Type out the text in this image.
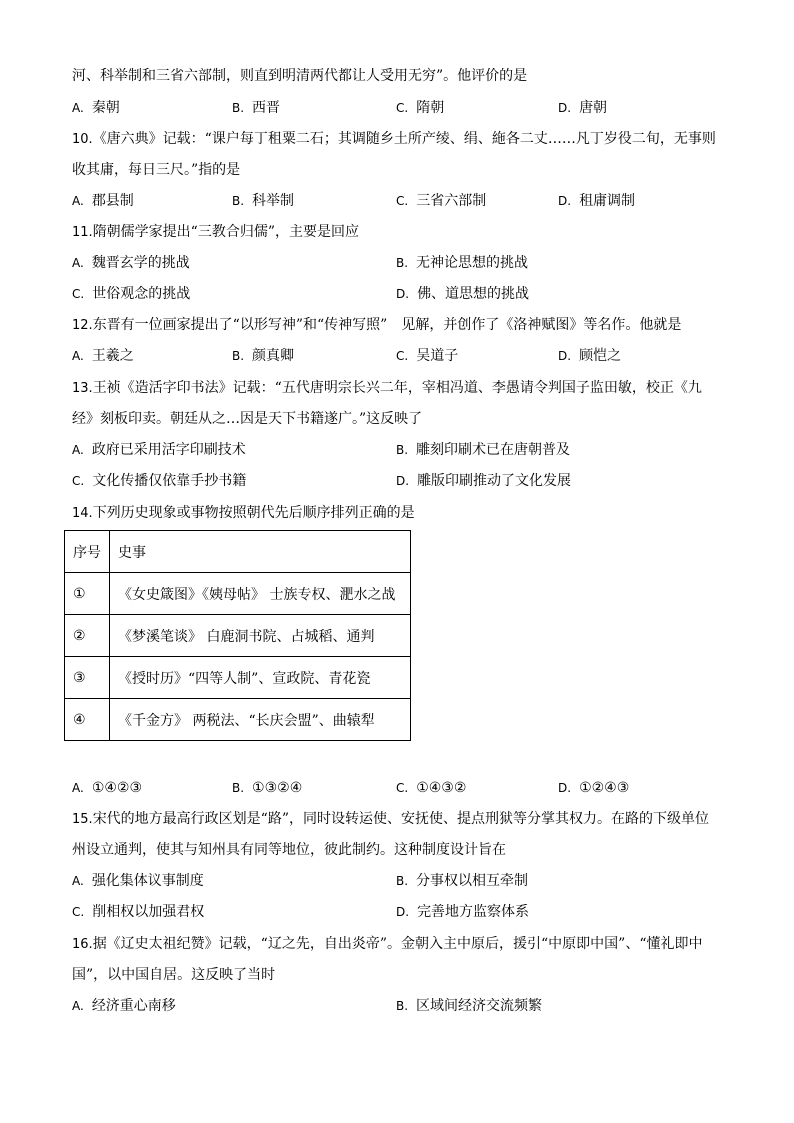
河、科举制和三省六部制，则直到明清两代都让人受用无穷”。他评价的是
A. 秦朝	B. 西晋	C. 隋朝	D. 唐朝
10.《唐六典》记载：“课户每丁租粟二石；其调随乡土所产绫、绢、絁各二丈……凡丁岁役二旬，无事则
收其庸，每日三尺。”指的是
A. 郡县制	B. 科举制	C. 三省六部制	D. 租庸调制
11.隋朝儒学家提出“三教合归儒”，主要是回应
A. 魏晋玄学的挑战	B. 无神论思想的挑战
C. 世俗观念的挑战	D. 佛、道思想的挑战
12.东晋有一位画家提出了“以形写神”和“传神写照”　见解，并创作了《洛神赋图》等名作。他就是
A. 王羲之	B. 颜真卿	C. 吴道子	D. 顾恺之
13.王祯《造活字印书法》记载：“五代唐明宗长兴二年，宰相冯道、李愚请令判国子监田敏，校正《九
经》刻板印卖。朝廷从之…因是天下书籍遂广。”这反映了
A. 政府已采用活字印刷技术	B. 雕刻印刷术已在唐朝普及
C. 文化传播仅依靠手抄书籍	D. 雕版印刷推动了文化发展
14.下列历史现象或事物按照朝代先后顺序排列正确的是
序号	史事
①	《女史箴图》《姨母帖》 士族专权、淝水之战
②	《梦溪笔谈》 白鹿洞书院、占城稻、通判
③	《授时历》“四等人制”、宣政院、青花瓷
④	《千金方》 两税法、“长庆会盟”、曲辕犁
A. ①④②③	B. ①③②④	C. ①④③②	D. ①②④③
15.宋代的地方最高行政区划是“路”，同时设转运使、安抚使、提点刑狱等分掌其权力。在路的下级单位
州设立通判，使其与知州具有同等地位，彼此制约。这种制度设计旨在
A. 强化集体议事制度	B. 分事权以相互牵制
C. 削相权以加强君权	D. 完善地方监察体系
16.据《辽史太祖纪赞》记载，“辽之先，自出炎帝”。金朝入主中原后，援引“中原即中国”、“懂礼即中
国”，以中国自居。这反映了当时
A. 经济重心南移	B. 区域间经济交流频繁
